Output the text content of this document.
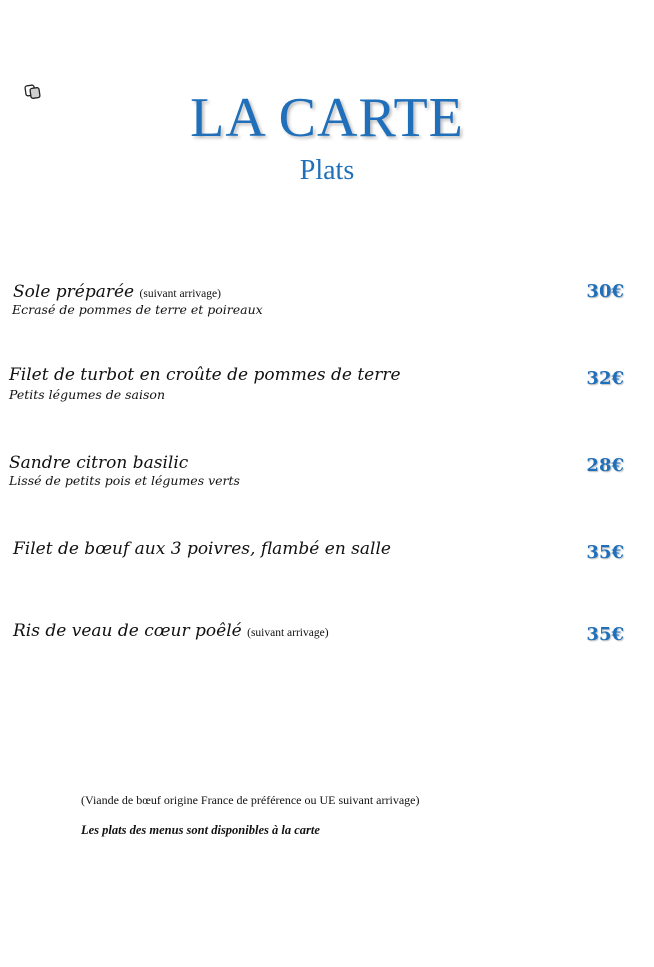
LA CARTE
Plats
Sole préparée (suivant arrivage)
Ecrasé de pommes de terre et poireaux
30€
Filet de turbot en croûte de pommes de terre
Petits légumes de saison
32€
Sandre citron basilic
Lissé de petits pois et légumes verts
28€
Filet de bœuf aux 3 poivres, flambé en salle	35€
Ris de veau de cœur poêlé (suivant arrivage)	35€
(Viande de bœuf origine France de préférence ou UE suivant arrivage)
Les plats des menus sont disponibles à la carte
